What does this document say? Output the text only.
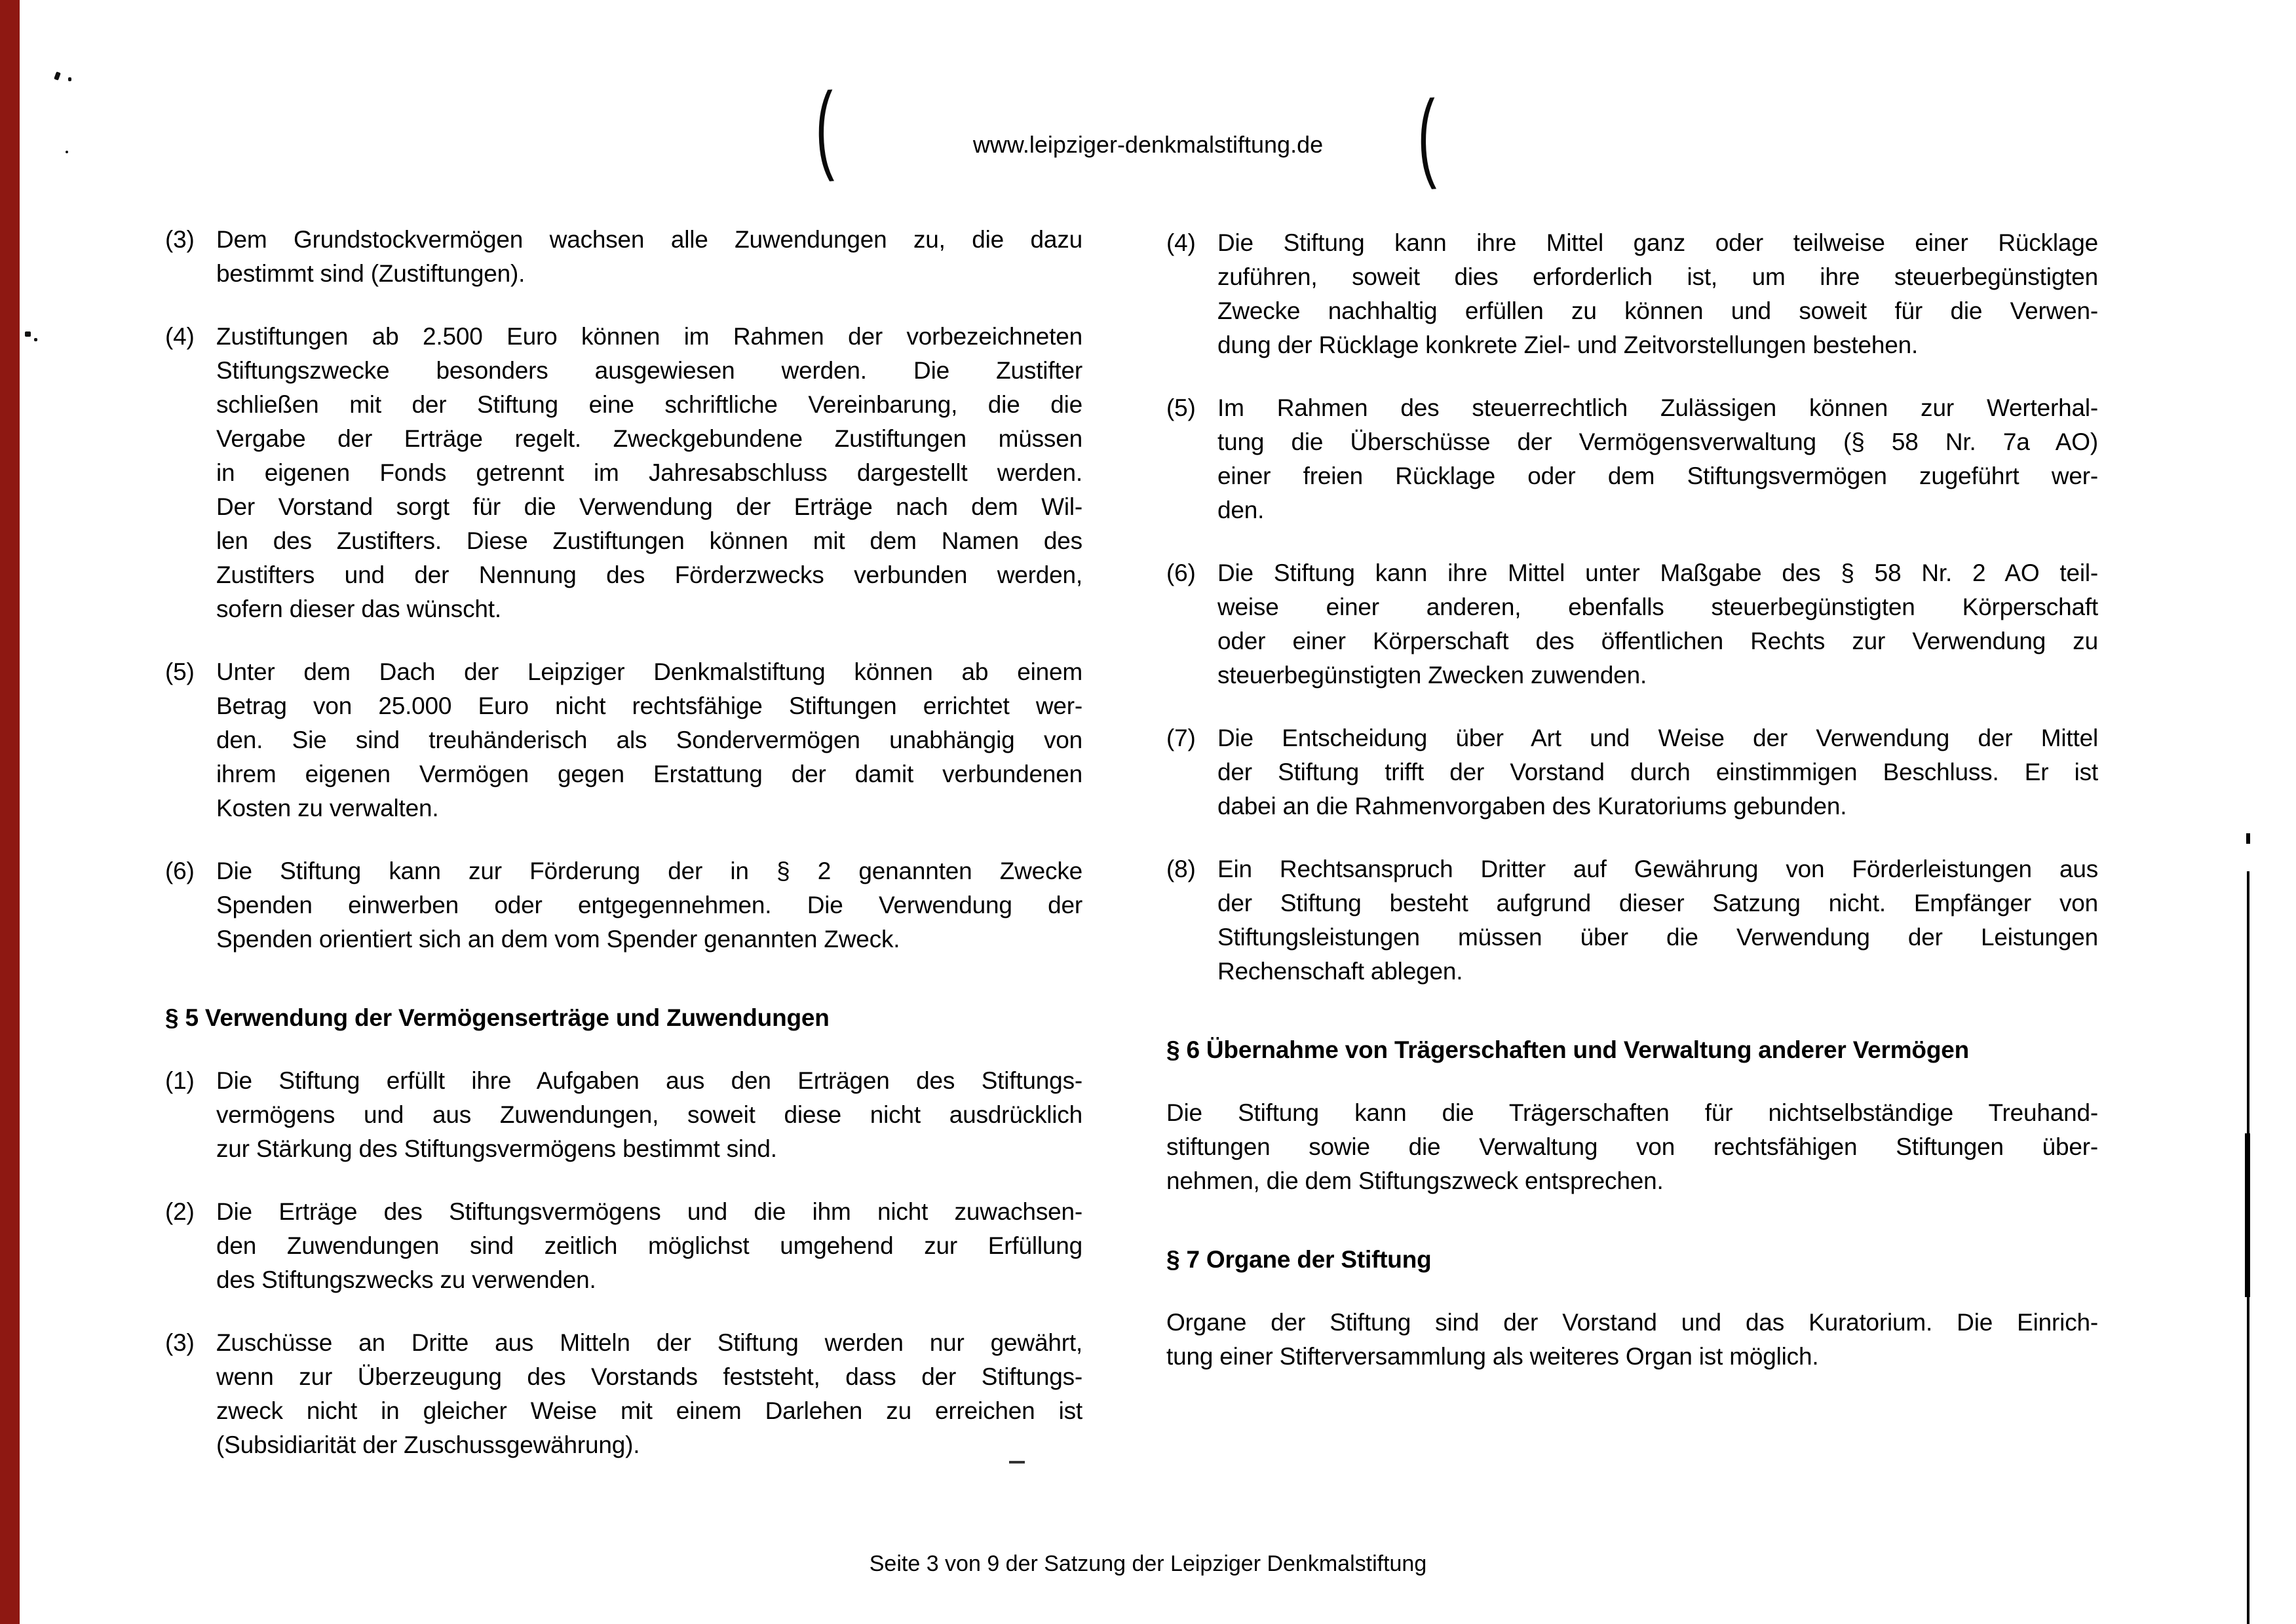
www.leipziger-denkmalstiftung.de
(	(
(3) Dem Grundstockvermögen wachsen alle Zuwendungen zu, die dazu
bestimmt sind (Zustiftungen).
(4) Zustiftungen ab 2.500 Euro können im Rahmen der vorbezeichneten
Stiftungszwecke besonders ausgewiesen werden. Die Zustifter
schließen mit der Stiftung eine schriftliche Vereinbarung, die die
Vergabe der Erträge regelt. Zweckgebundene Zustiftungen müssen
in eigenen Fonds getrennt im Jahresabschluss dargestellt werden.
Der Vorstand sorgt für die Verwendung der Erträge nach dem Wil-
len des Zustifters. Diese Zustiftungen können mit dem Namen des
Zustifters und der Nennung des Förderzwecks verbunden werden,
sofern dieser das wünscht.
(5) Unter dem Dach der Leipziger Denkmalstiftung können ab einem
Betrag von 25.000 Euro nicht rechtsfähige Stiftungen errichtet wer-
den. Sie sind treuhänderisch als Sondervermögen unabhängig von
ihrem eigenen Vermögen gegen Erstattung der damit verbundenen
Kosten zu verwalten.
(6) Die Stiftung kann zur Förderung der in § 2 genannten Zwecke
Spenden einwerben oder entgegennehmen. Die Verwendung der
Spenden orientiert sich an dem vom Spender genannten Zweck.
§ 5 Verwendung der Vermögenserträge und Zuwendungen
(1) Die Stiftung erfüllt ihre Aufgaben aus den Erträgen des Stiftungs-
vermögens und aus Zuwendungen, soweit diese nicht ausdrücklich
zur Stärkung des Stiftungsvermögens bestimmt sind.
(2) Die Erträge des Stiftungsvermögens und die ihm nicht zuwachsen-
den Zuwendungen sind zeitlich möglichst umgehend zur Erfüllung
des Stiftungszwecks zu verwenden.
(3) Zuschüsse an Dritte aus Mitteln der Stiftung werden nur gewährt,
wenn zur Überzeugung des Vorstands feststeht, dass der Stiftungs-
zweck nicht in gleicher Weise mit einem Darlehen zu erreichen ist
(Subsidiarität der Zuschussgewährung).
(4) Die Stiftung kann ihre Mittel ganz oder teilweise einer Rücklage
zuführen, soweit dies erforderlich ist, um ihre steuerbegünstigten
Zwecke nachhaltig erfüllen zu können und soweit für die Verwen-
dung der Rücklage konkrete Ziel- und Zeitvorstellungen bestehen.
(5) Im Rahmen des steuerrechtlich Zulässigen können zur Werterhal-
tung die Überschüsse der Vermögensverwaltung (§ 58 Nr. 7a AO)
einer freien Rücklage oder dem Stiftungsvermögen zugeführt wer-
den.
(6) Die Stiftung kann ihre Mittel unter Maßgabe des § 58 Nr. 2 AO teil-
weise einer anderen, ebenfalls steuerbegünstigten Körperschaft
oder einer Körperschaft des öffentlichen Rechts zur Verwendung zu
steuerbegünstigten Zwecken zuwenden.
(7) Die Entscheidung über Art und Weise der Verwendung der Mittel
der Stiftung trifft der Vorstand durch einstimmigen Beschluss. Er ist
dabei an die Rahmenvorgaben des Kuratoriums gebunden.
(8) Ein Rechtsanspruch Dritter auf Gewährung von Förderleistungen aus
der Stiftung besteht aufgrund dieser Satzung nicht. Empfänger von
Stiftungsleistungen müssen über die Verwendung der Leistungen
Rechenschaft ablegen.
§ 6 Übernahme von Trägerschaften und Verwaltung anderer Vermögen
Die Stiftung kann die Trägerschaften für nichtselbständige Treuhand-
stiftungen sowie die Verwaltung von rechtsfähigen Stiftungen über-
nehmen, die dem Stiftungszweck entsprechen.
§ 7 Organe der Stiftung
Organe der Stiftung sind der Vorstand und das Kuratorium. Die Einrich-
tung einer Stifterversammlung als weiteres Organ ist möglich.
Seite 3 von 9 der Satzung der Leipziger Denkmalstiftung
